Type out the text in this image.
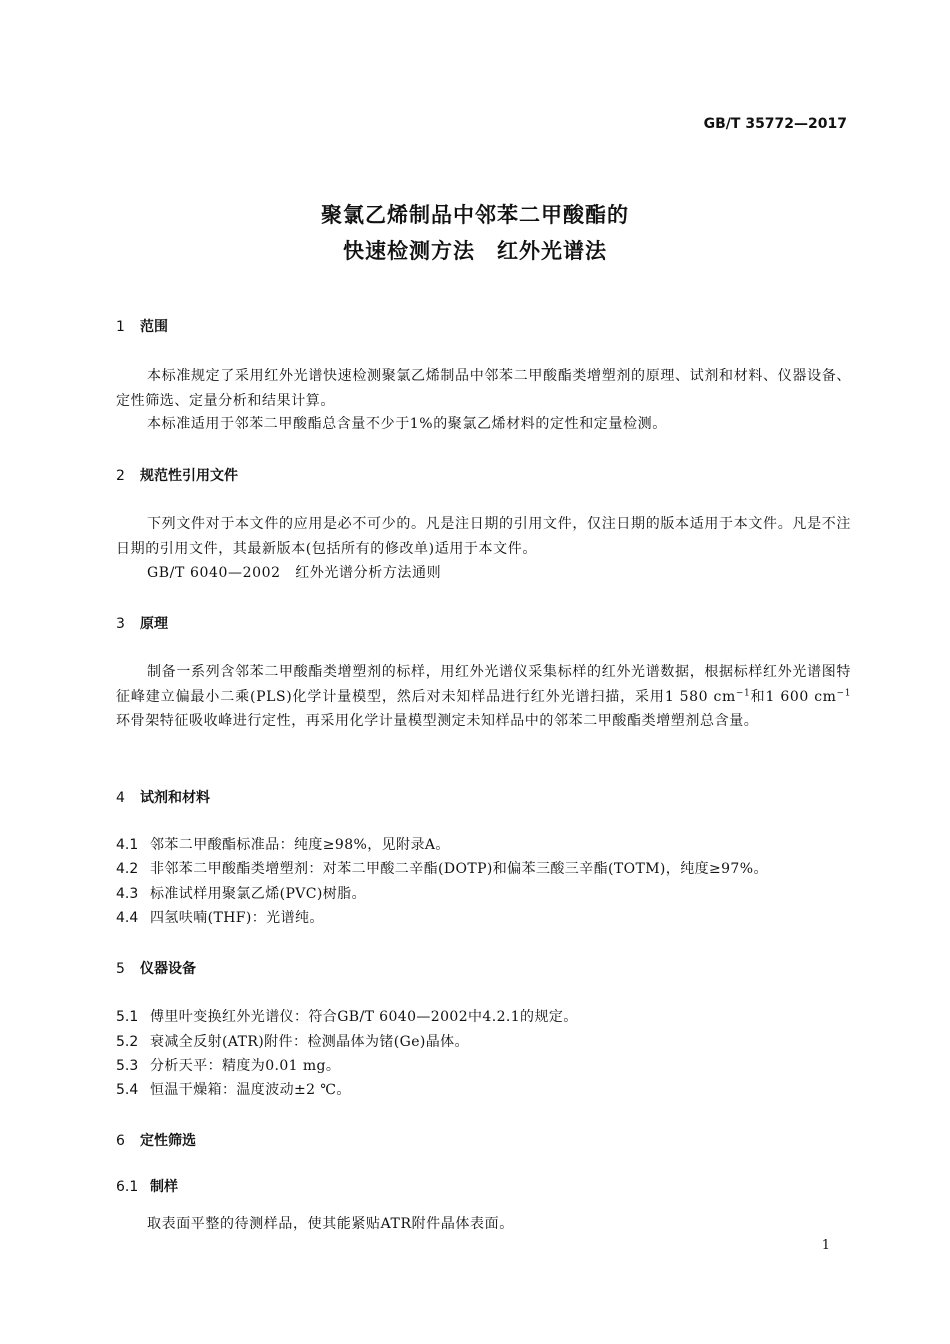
GB/T 35772—2017
聚氯乙烯制品中邻苯二甲酸酯的
快速检测方法　红外光谱法
1 范围
本标准规定了采用红外光谱快速检测聚氯乙烯制品中邻苯二甲酸酯类增塑剂的原理、试剂和材料、仪器设备、定性筛选、定量分析和结果计算。
本标准适用于邻苯二甲酸酯总含量不少于1%的聚氯乙烯材料的定性和定量检测。
2 规范性引用文件
下列文件对于本文件的应用是必不可少的。凡是注日期的引用文件，仅注日期的版本适用于本文件。凡是不注日期的引用文件，其最新版本(包括所有的修改单)适用于本文件。
GB/T 6040—2002　红外光谱分析方法通则
3 原理
制备一系列含邻苯二甲酸酯类增塑剂的标样，用红外光谱仪采集标样的红外光谱数据，根据标样红外光谱图特征峰建立偏最小二乘(PLS)化学计量模型，然后对未知样品进行红外光谱扫描，采用1 580 $cm^{-1}$和1 600 $cm^{-1}$环骨架特征吸收峰进行定性，再采用化学计量模型测定未知样品中的邻苯二甲酸酯类增塑剂总含量。
4 试剂和材料
4.1 邻苯二甲酸酯标准品：纯度≥98%，见附录A。
4.2 非邻苯二甲酸酯类增塑剂：对苯二甲酸二辛酯(DOTP)和偏苯三酸三辛酯(TOTM)，纯度≥97%。
4.3 标准试样用聚氯乙烯(PVC)树脂。
4.4 四氢呋喃(THF)：光谱纯。
5 仪器设备
5.1 傅里叶变换红外光谱仪：符合GB/T 6040—2002中4.2.1的规定。
5.2 衰减全反射(ATR)附件：检测晶体为锗(Ge)晶体。
5.3 分析天平：精度为0.01 mg。
5.4 恒温干燥箱：温度波动±2 ℃。
6 定性筛选
6.1 制样
取表面平整的待测样品，使其能紧贴ATR附件晶体表面。
1
